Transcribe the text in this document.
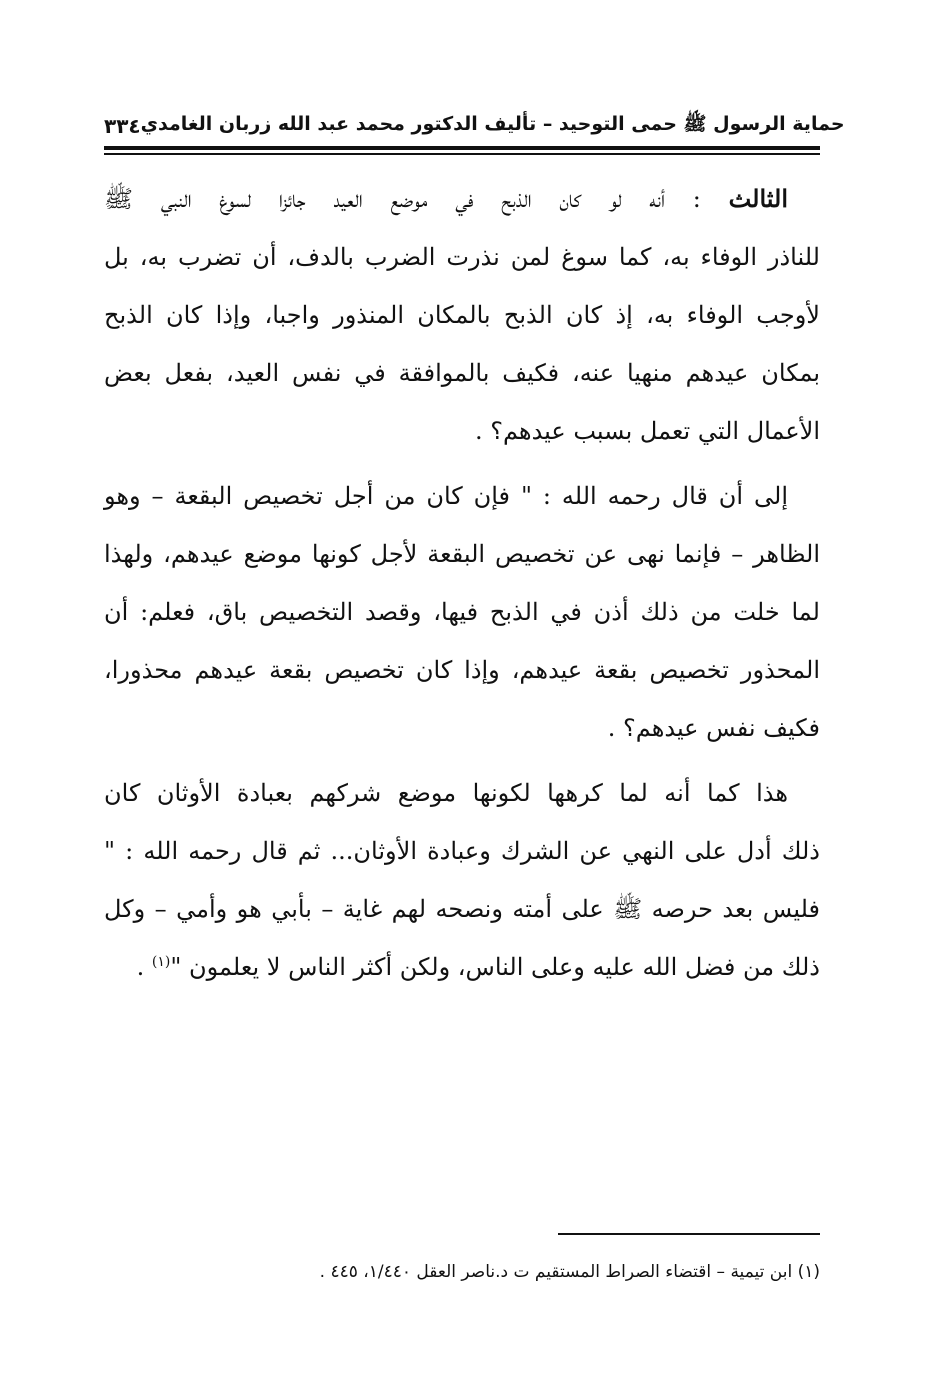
٣٣٤ حماية الرسول ﷺ حمى التوحيد – تأليف الدكتور محمد عبد الله زربان الغامدي
الثالث : أنه لو كان الذبح في موضع العيد جائزا لسوغ النبي ﷺ
للناذر الوفاء به، كما سوغ لمن نذرت الضرب بالدف، أن تضرب به، بل
لأوجب الوفاء به، إذ كان الذبح بالمكان المنذور واجبا، وإذا كان الذبح
بمكان عيدهم منهيا عنه، فكيف بالموافقة في نفس العيد، بفعل بعض
الأعمال التي تعمل بسبب عيدهم؟ .
إلى أن قال رحمه الله : " فإن كان من أجل تخصيص البقعة – وهو
الظاهر – فإنما نهى عن تخصيص البقعة لأجل كونها موضع عيدهم، ولهذا
لما خلت من ذلك أذن في الذبح فيها، وقصد التخصيص باق، فعلم: أن
المحذور تخصيص بقعة عيدهم، وإذا كان تخصيص بقعة عيدهم محذورا،
فكيف نفس عيدهم؟ .
هذا كما أنه لما كرهها لكونها موضع شركهم بعبادة الأوثان كان
ذلك أدل على النهي عن الشرك وعبادة الأوثان... ثم قال رحمه الله : "
فليس بعد حرصه ﷺ على أمته ونصحه لهم غاية – بأبي هو وأمي – وكل
ذلك من فضل الله عليه وعلى الناس، ولكن أكثر الناس لا يعلمون "$^{(١)}$ .
(١) ابن تيمية – اقتضاء الصراط المستقيم ت د.ناصر العقل ١/٤٤٠، ٤٤٥ .
